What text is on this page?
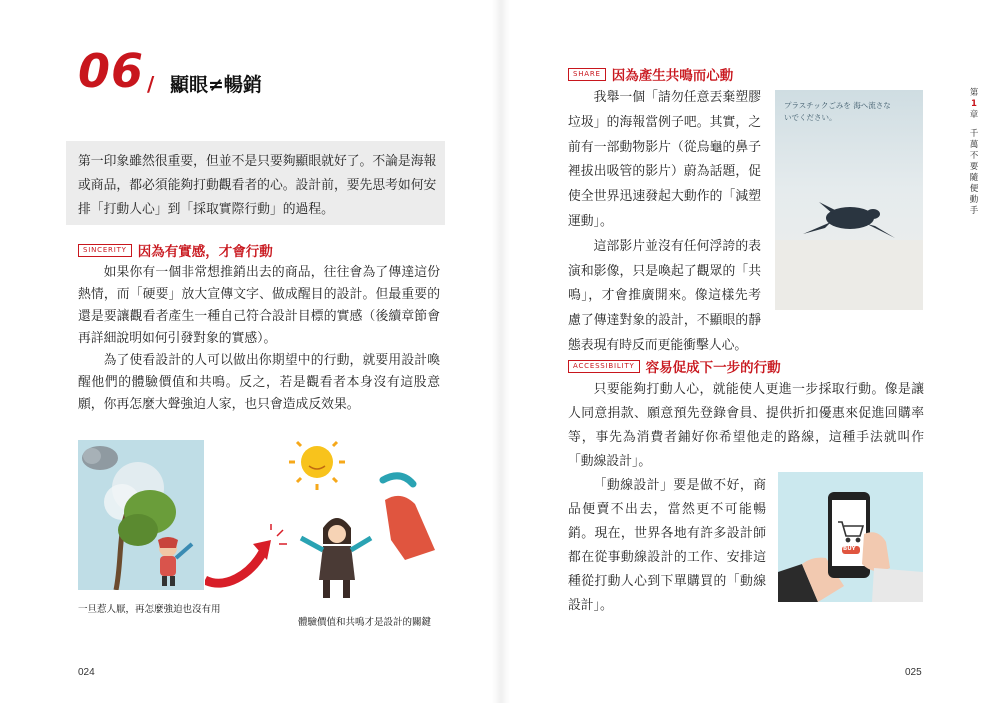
06 / 顯眼≠暢銷
第一印象雖然很重要，但並不是只要夠顯眼就好了。不論是海報或商品，都必須能夠打動觀看者的心。設計前，要先思考如何安排「打動人心」到「採取實際行動」的過程。
SINCERITY 因為有實感，才會行動

如果你有一個非常想推銷出去的商品，往往會為了傳達這份熱情，而「硬要」放大宣傳文字、做成醒目的設計。但最重要的還是要讓觀看者產生一種自己符合設計目標的實感（後續章節會再詳細說明如何引發對象的實感）。

為了使看設計的人可以做出你期望中的行動，就要用設計喚醒他們的體驗價值和共鳴。反之，若是觀看者本身沒有這股意願，你再怎麼大聲強迫人家，也只會造成反效果。

一旦惹人厭，再怎麼強迫也沒有用
體驗價值和共鳴才是設計的關鍵
024
SHARE 因為產生共鳴而心動

我舉一個「請勿任意丟棄塑膠垃圾」的海報當例子吧。其實，之前有一部動物影片（從烏龜的鼻子裡拔出吸管的影片）蔚為話題，促使全世界迅速發起大動作的「減塑運動」。

這部影片並沒有任何浮誇的表演和影像，只是喚起了觀眾的「共鳴」，才會推廣開來。像這樣先考慮了傳達對象的設計，不顯眼的靜態表現有時反而更能衝擊人心。

プラスチックごみを 海へ流さないでください。
ACCESSIBILITY 容易促成下一步的行動

只要能夠打動人心，就能使人更進一步採取行動。像是讓人同意捐款、願意預先登錄會員、提供折扣優惠來促進回購率等，事先為消費者鋪好你希望他走的路線，這種手法就叫作「動線設計」。

「動線設計」要是做不好，商品便賣不出去，當然更不可能暢銷。現在，世界各地有許多設計師都在從事動線設計的工作、安排這種從打動人心到下單購買的「動線設計」。

BUY
第
1
章
千萬不要隨便動手
025
